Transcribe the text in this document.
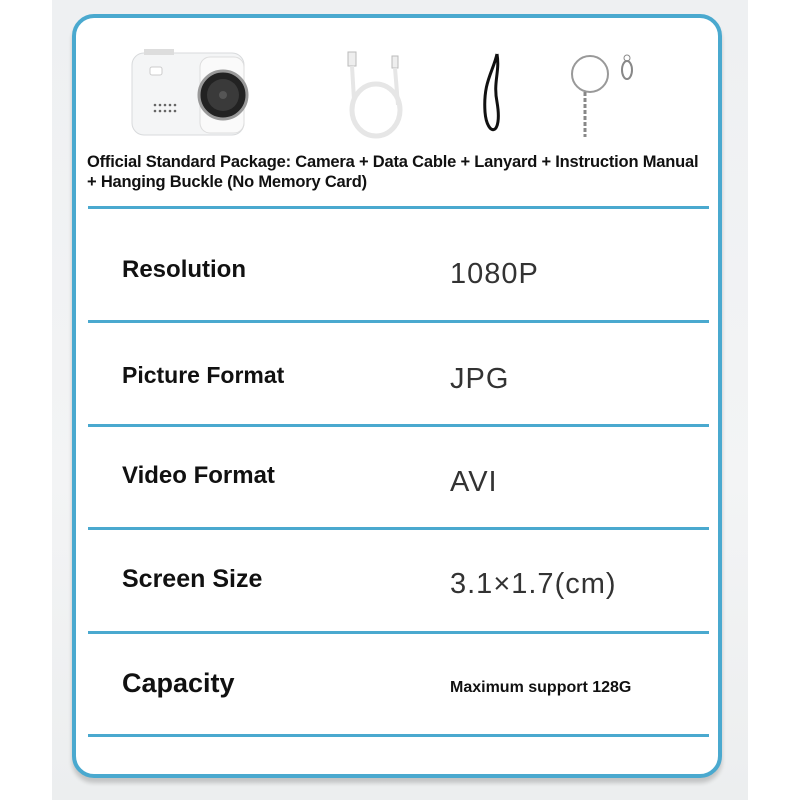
Official Standard Package: Camera + Data Cable + Lanyard + Instruction Manual + Hanging Buckle (No Memory Card)
Resolution	1080P
Picture Format	JPG
Video Format	AVI
Screen Size	3.1×1.7(cm)
Capacity	Maximum support 128G
